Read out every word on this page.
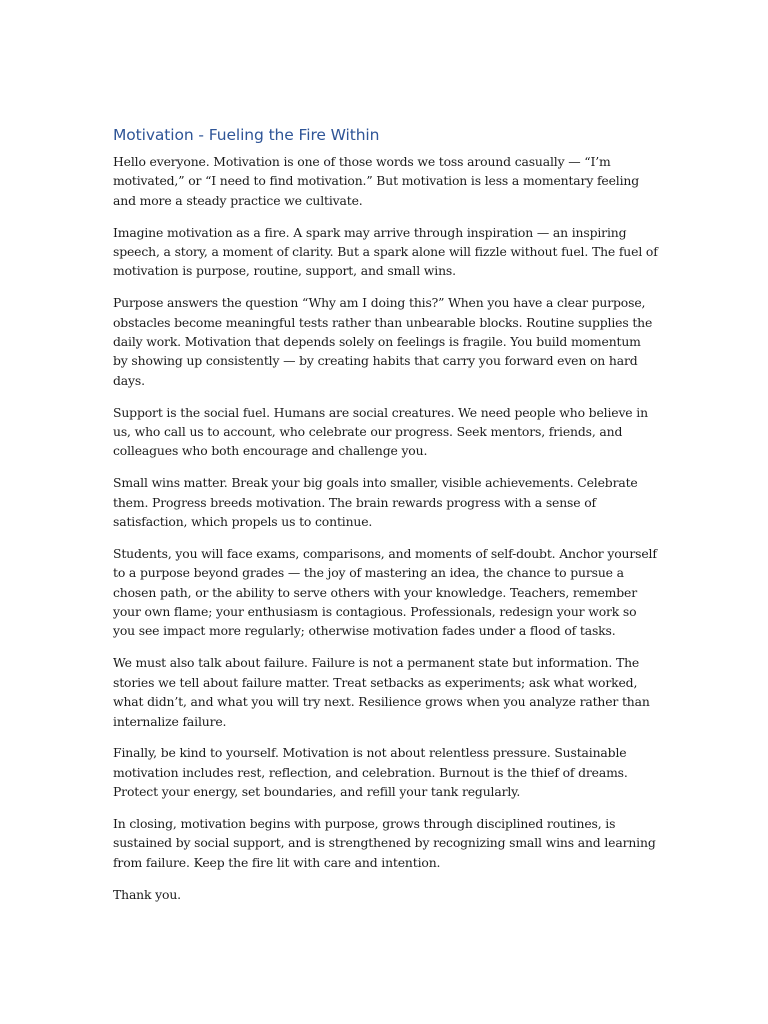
Motivation - Fueling the Fire Within

Hello everyone. Motivation is one of those words we toss around casually — “I’m motivated,” or “I need to find motivation.” But motivation is less a momentary feeling and more a steady practice we cultivate.

Imagine motivation as a fire. A spark may arrive through inspiration — an inspiring speech, a story, a moment of clarity. But a spark alone will fizzle without fuel. The fuel of motivation is purpose, routine, support, and small wins.

Purpose answers the question “Why am I doing this?” When you have a clear purpose, obstacles become meaningful tests rather than unbearable blocks. Routine supplies the daily work. Motivation that depends solely on feelings is fragile. You build momentum by showing up consistently — by creating habits that carry you forward even on hard days.

Support is the social fuel. Humans are social creatures. We need people who believe in us, who call us to account, who celebrate our progress. Seek mentors, friends, and colleagues who both encourage and challenge you.

Small wins matter. Break your big goals into smaller, visible achievements. Celebrate them. Progress breeds motivation. The brain rewards progress with a sense of satisfaction, which propels us to continue.

Students, you will face exams, comparisons, and moments of self-doubt. Anchor yourself to a purpose beyond grades — the joy of mastering an idea, the chance to pursue a chosen path, or the ability to serve others with your knowledge. Teachers, remember your own flame; your enthusiasm is contagious. Professionals, redesign your work so you see impact more regularly; otherwise motivation fades under a flood of tasks.

We must also talk about failure. Failure is not a permanent state but information. The stories we tell about failure matter. Treat setbacks as experiments; ask what worked, what didn’t, and what you will try next. Resilience grows when you analyze rather than internalize failure.

Finally, be kind to yourself. Motivation is not about relentless pressure. Sustainable motivation includes rest, reflection, and celebration. Burnout is the thief of dreams. Protect your energy, set boundaries, and refill your tank regularly.

In closing, motivation begins with purpose, grows through disciplined routines, is sustained by social support, and is strengthened by recognizing small wins and learning from failure. Keep the fire lit with care and intention.

Thank you.
